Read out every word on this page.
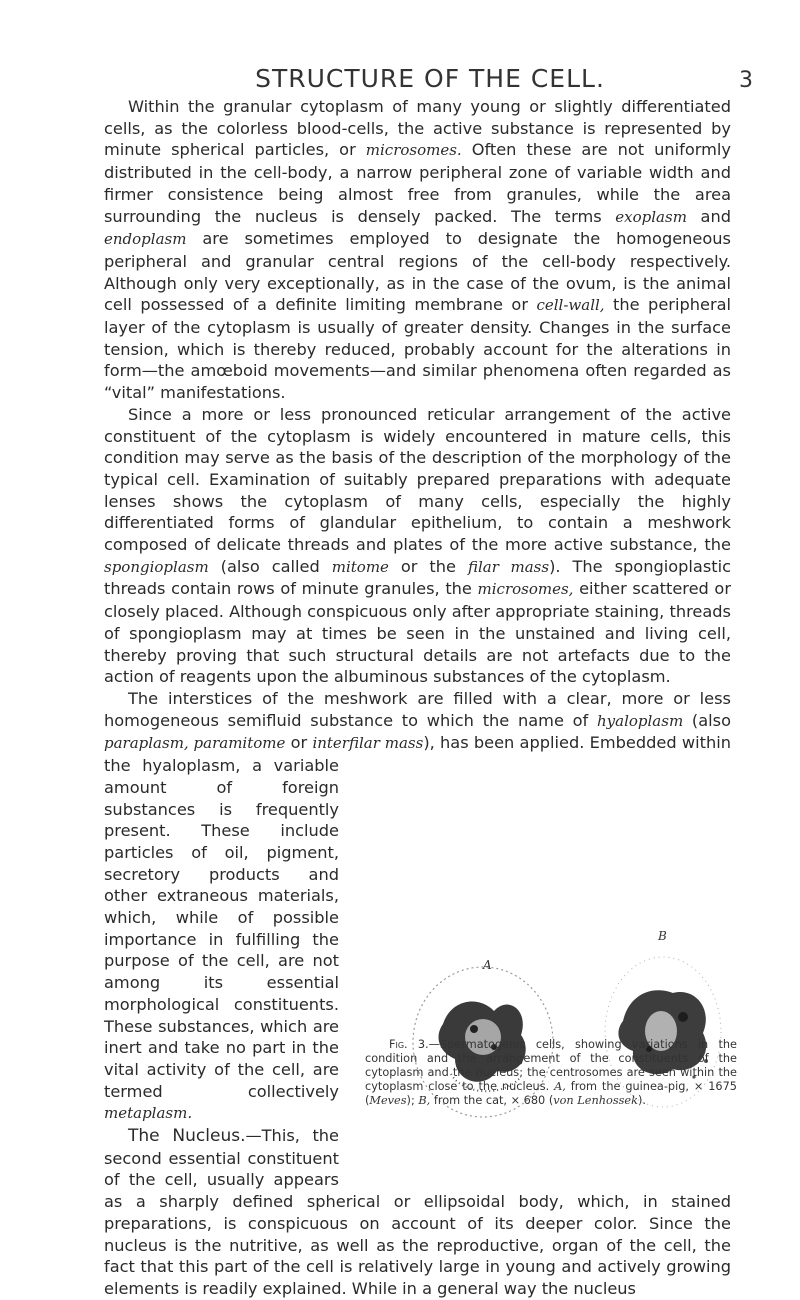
STRUCTURE OF THE CELL.	3

Within the granular cytoplasm of many young or slightly differentiated cells, as the colorless blood-cells, the active substance is represented by minute spherical particles, or microsomes. Often these are not uniformly distributed in the cell-body, a narrow peripheral zone of variable width and firmer consistence being almost free from granules, while the area surrounding the nucleus is densely packed. The terms exoplasm and endoplasm are sometimes employed to designate the homogeneous peripheral and granular central regions of the cell-body respectively. Although only very exceptionally, as in the case of the ovum, is the animal cell possessed of a definite limiting membrane or cell-wall, the peripheral layer of the cytoplasm is usually of greater density. Changes in the surface tension, which is thereby reduced, probably account for the alterations in form—the amœboid movements—and similar phenomena often regarded as “vital” manifestations.

Since a more or less pronounced reticular arrangement of the active constituent of the cytoplasm is widely encountered in mature cells, this condition may serve as the basis of the description of the morphology of the typical cell. Examination of suitably prepared preparations with adequate lenses shows the cytoplasm of many cells, especially the highly differentiated forms of glandular epithelium, to contain a meshwork composed of delicate threads and plates of the more active substance, the spongioplasm (also called mitome or the filar mass). The spongioplastic threads contain rows of minute granules, the microsomes, either scattered or closely placed. Although conspicuous only after appropriate staining, threads of spongioplasm may at times be seen in the unstained and living cell, thereby proving that such structural details are not artefacts due to the action of reagents upon the albuminous substances of the cytoplasm.

The interstices of the meshwork are filled with a clear, more or less homogeneous semifluid substance to which the name of hyaloplasm (also paraplasm, paramitome or interfilar mass
A
B
Fig. 3.—Spermatogenic cells, showing variations in the condition and the arrangement of the constituents of the cytoplasm and the nucleus; the centrosomes are seen within the cytoplasm close to the nucleus. A, from the guinea-pig, × 1675 (Meves); B, from the cat, × 680 (von Lenhossek).
), has been applied. Embedded within the hyaloplasm, a variable amount of foreign substances is frequently present. These include particles of oil, pigment, secretory products and other extraneous materials, which, while of possible importance in fulfilling the purpose of the cell, are not among its essential morphological constituents. These substances, which are inert and take no part in the vital activity of the cell, are termed collectively metaplasm.

The Nucleus.—This, the second essential constituent of the cell, usually appears as a sharply defined spherical or ellipsoidal body, which, in stained preparations, is conspicuous on account of its deeper color. Since the nucleus is the nutritive, as well as the reproductive, organ of the cell, the fact that this part of the cell is relatively large in young and actively growing elements is readily explained. While in a general way the nucleus
